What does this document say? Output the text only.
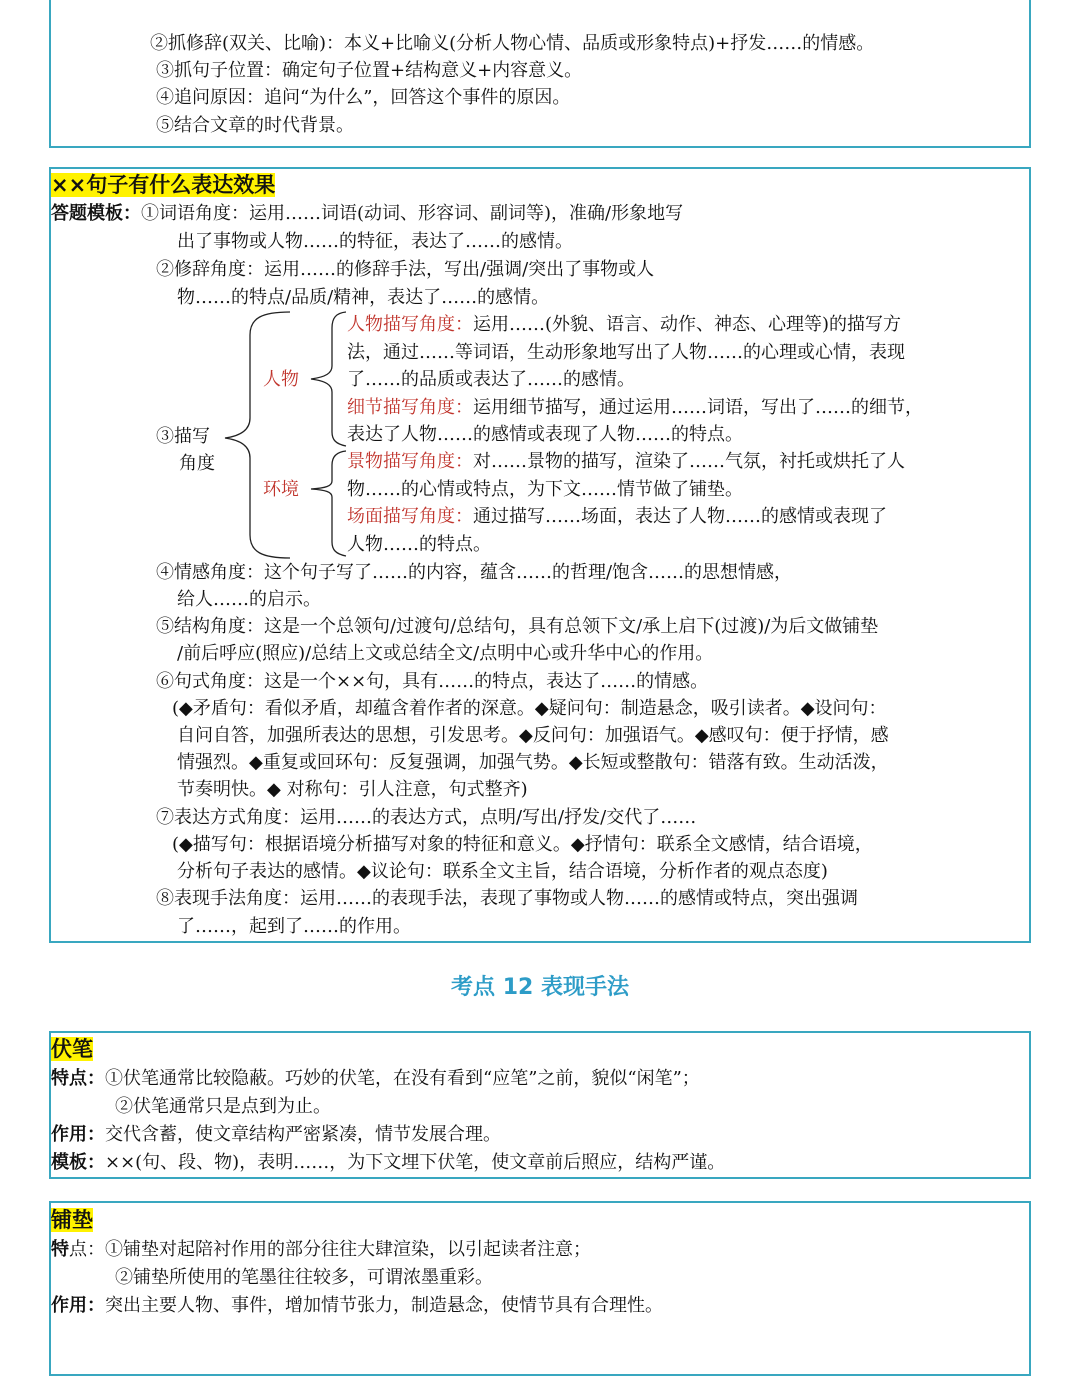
②抓修辞(双关、比喻)：本义+比喻义(分析人物心情、品质或形象特点)+抒发……的情感。
③抓句子位置：确定句子位置+结构意义+内容意义。
④追问原因：追问“为什么”，回答这个事件的原因。
⑤结合文章的时代背景。
××句子有什么表达效果
答题模板：①词语角度：运用……词语(动词、形容词、副词等)，准确/形象地写
出了事物或人物……的特征，表达了……的感情。
②修辞角度：运用……的修辞手法，写出/强调/突出了事物或人
物……的特点/品质/精神，表达了……的感情。
③描写
角度
人物
环境
人物描写角度：运用……(外貌、语言、动作、神态、心理等)的描写方
法，通过……等词语，生动形象地写出了人物……的心理或心情，表现
了……的品质或表达了……的感情。
细节描写角度：运用细节描写，通过运用……词语，写出了……的细节，
表达了人物……的感情或表现了人物……的特点。
景物描写角度：对……景物的描写，渲染了……气氛，衬托或烘托了人
物……的心情或特点，为下文……情节做了铺垫。
场面描写角度：通过描写……场面，表达了人物……的感情或表现了
人物……的特点。
④情感角度：这个句子写了……的内容，蕴含……的哲理/饱含……的思想情感，
给人……的启示。
⑤结构角度：这是一个总领句/过渡句/总结句，具有总领下文/承上启下(过渡)/为后文做铺垫
/前后呼应(照应)/总结上文或总结全文/点明中心或升华中心的作用。
⑥句式角度：这是一个××句，具有……的特点，表达了……的情感。
(◆矛盾句：看似矛盾，却蕴含着作者的深意。◆疑问句：制造悬念，吸引读者。◆设问句：
自问自答，加强所表达的思想，引发思考。◆反问句：加强语气。◆感叹句：便于抒情，感
情强烈。◆重复或回环句：反复强调，加强气势。◆长短或整散句：错落有致。生动活泼，
节奏明快。◆ 对称句：引人注意，句式整齐)
⑦表达方式角度：运用……的表达方式，点明/写出/抒发/交代了……
(◆描写句：根据语境分析描写对象的特征和意义。◆抒情句：联系全文感情，结合语境，
分析句子表达的感情。◆议论句：联系全文主旨，结合语境，分析作者的观点态度)
⑧表现手法角度：运用……的表现手法，表现了事物或人物……的感情或特点，突出强调
了……，起到了……的作用。
考点 12 表现手法
伏笔
特点：①伏笔通常比较隐蔽。巧妙的伏笔，在没有看到“应笔”之前，貌似“闲笔”；
②伏笔通常只是点到为止。
作用：交代含蓄，使文章结构严密紧凑，情节发展合理。
模板：××(句、段、物)，表明……，为下文埋下伏笔，使文章前后照应，结构严谨。
铺垫
特点：①铺垫对起陪衬作用的部分往往大肆渲染，以引起读者注意；
②铺垫所使用的笔墨往往较多，可谓浓墨重彩。
作用：突出主要人物、事件，增加情节张力，制造悬念，使情节具有合理性。
